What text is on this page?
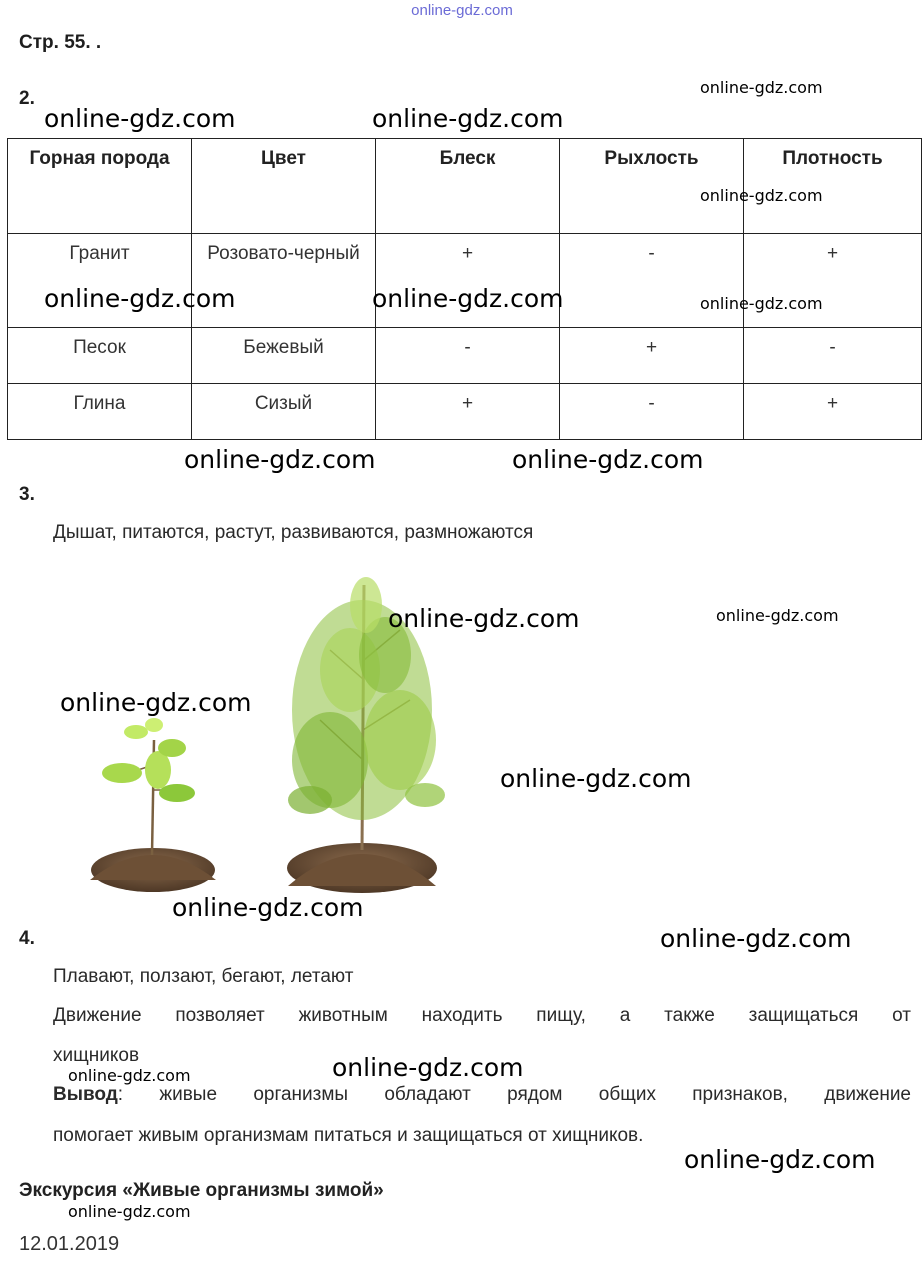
online-gdz.com
Стр. 55. .
2.
Горная порода	Цвет	Блеск	Рыхлость	Плотность
Гранит	Розовато-черный	+	-	+
Песок	Бежевый	-	+	-
Глина	Сизый	+	-	+
3.
Дышат, питаются, растут, развиваются, размножаются
4.
Плавают, ползают, бегают, летают
Движение позволяет животным находить пищу, а также защищаться от
хищников
Вывод: живые организмы обладают рядом общих признаков, движение
помогает живым организмам питаться и защищаться от хищников.
Экскурсия «Живые организмы зимой»
12.01.2019
online-gdz.com
online-gdz.com	online-gdz.com
online-gdz.com
online-gdz.com	online-gdz.com	online-gdz.com
online-gdz.com	online-gdz.com
online-gdz.com	online-gdz.com
online-gdz.com
online-gdz.com
online-gdz.com
online-gdz.com
online-gdz.com
online-gdz.com
online-gdz.com
online-gdz.com
